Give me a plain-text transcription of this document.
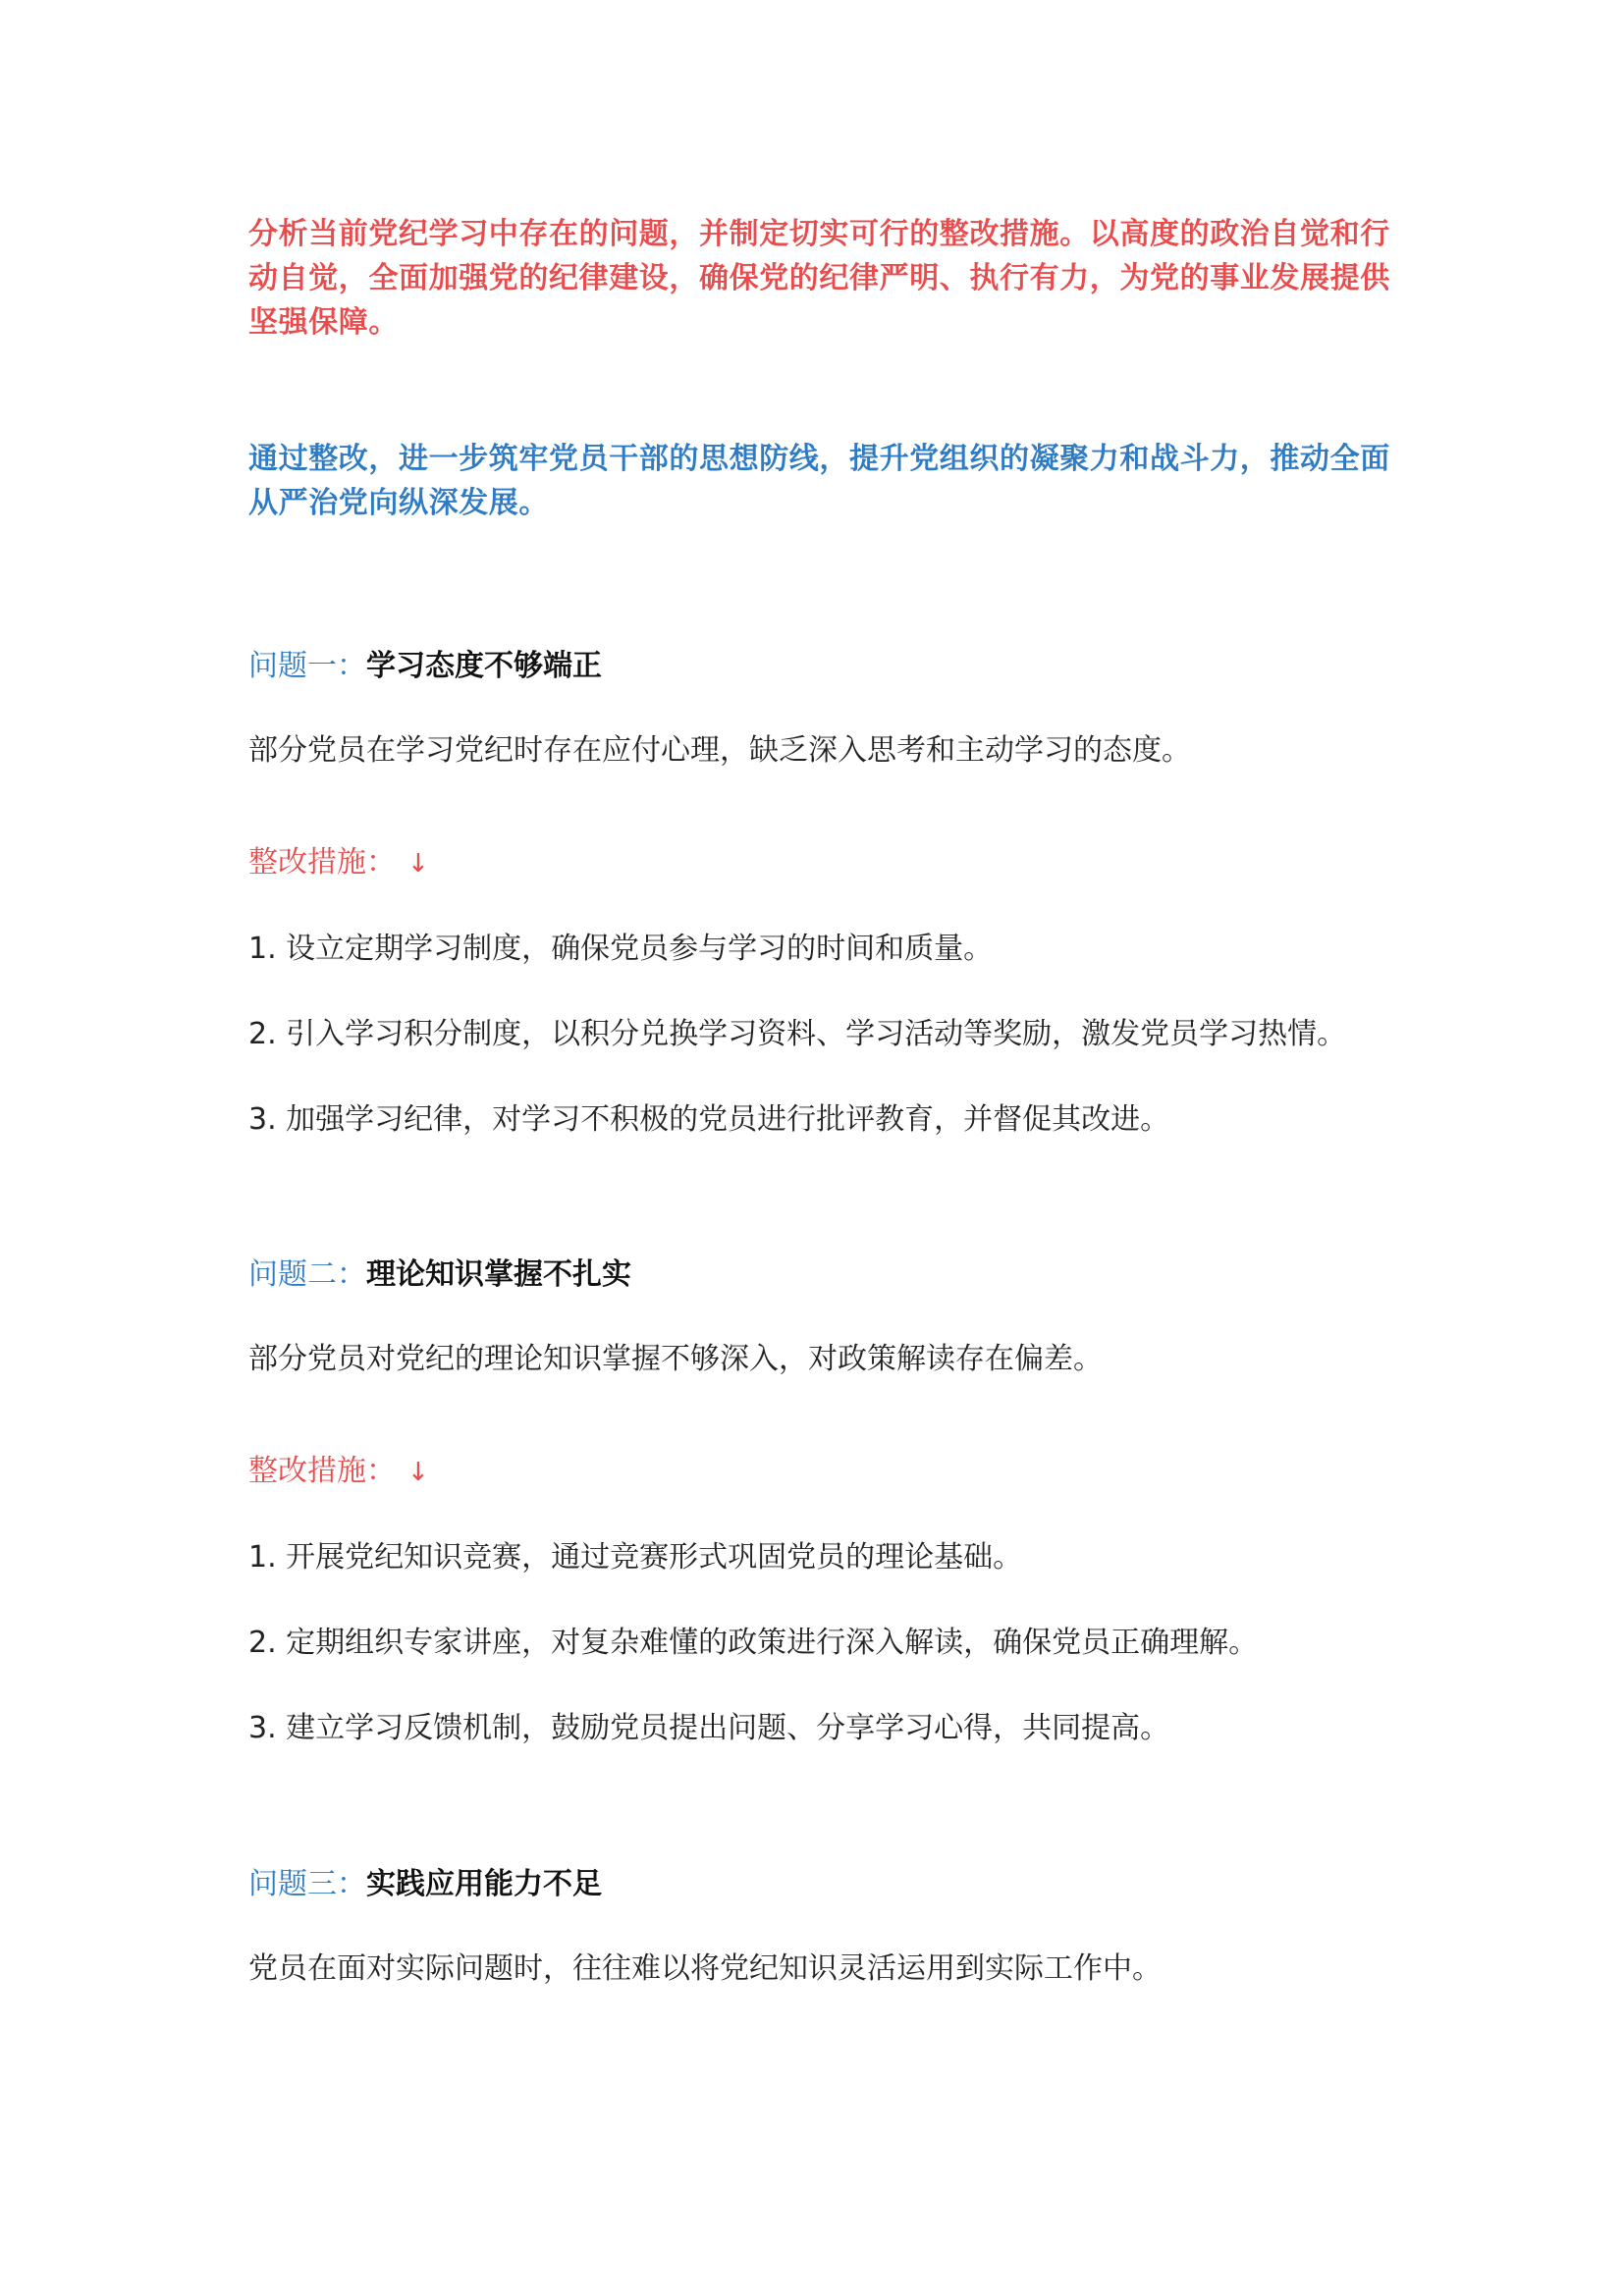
分析当前党纪学习中存在的问题，并制定切实可行的整改措施。以高度的政治自觉和行动自觉，全面加强党的纪律建设，确保党的纪律严明、执行有力，为党的事业发展提供坚强保障。

通过整改，进一步筑牢党员干部的思想防线，提升党组织的凝聚力和战斗力，推动全面从严治党向纵深发展。

问题一：学习态度不够端正

部分党员在学习党纪时存在应付心理，缺乏深入思考和主动学习的态度。

整改措施： ↓

1. 设立定期学习制度，确保党员参与学习的时间和质量。

2. 引入学习积分制度，以积分兑换学习资料、学习活动等奖励，激发党员学习热情。

3. 加强学习纪律，对学习不积极的党员进行批评教育，并督促其改进。

问题二：理论知识掌握不扎实

部分党员对党纪的理论知识掌握不够深入，对政策解读存在偏差。

整改措施： ↓

1. 开展党纪知识竞赛，通过竞赛形式巩固党员的理论基础。

2. 定期组织专家讲座，对复杂难懂的政策进行深入解读，确保党员正确理解。

3. 建立学习反馈机制，鼓励党员提出问题、分享学习心得，共同提高。

问题三：实践应用能力不足

党员在面对实际问题时，往往难以将党纪知识灵活运用到实际工作中。
